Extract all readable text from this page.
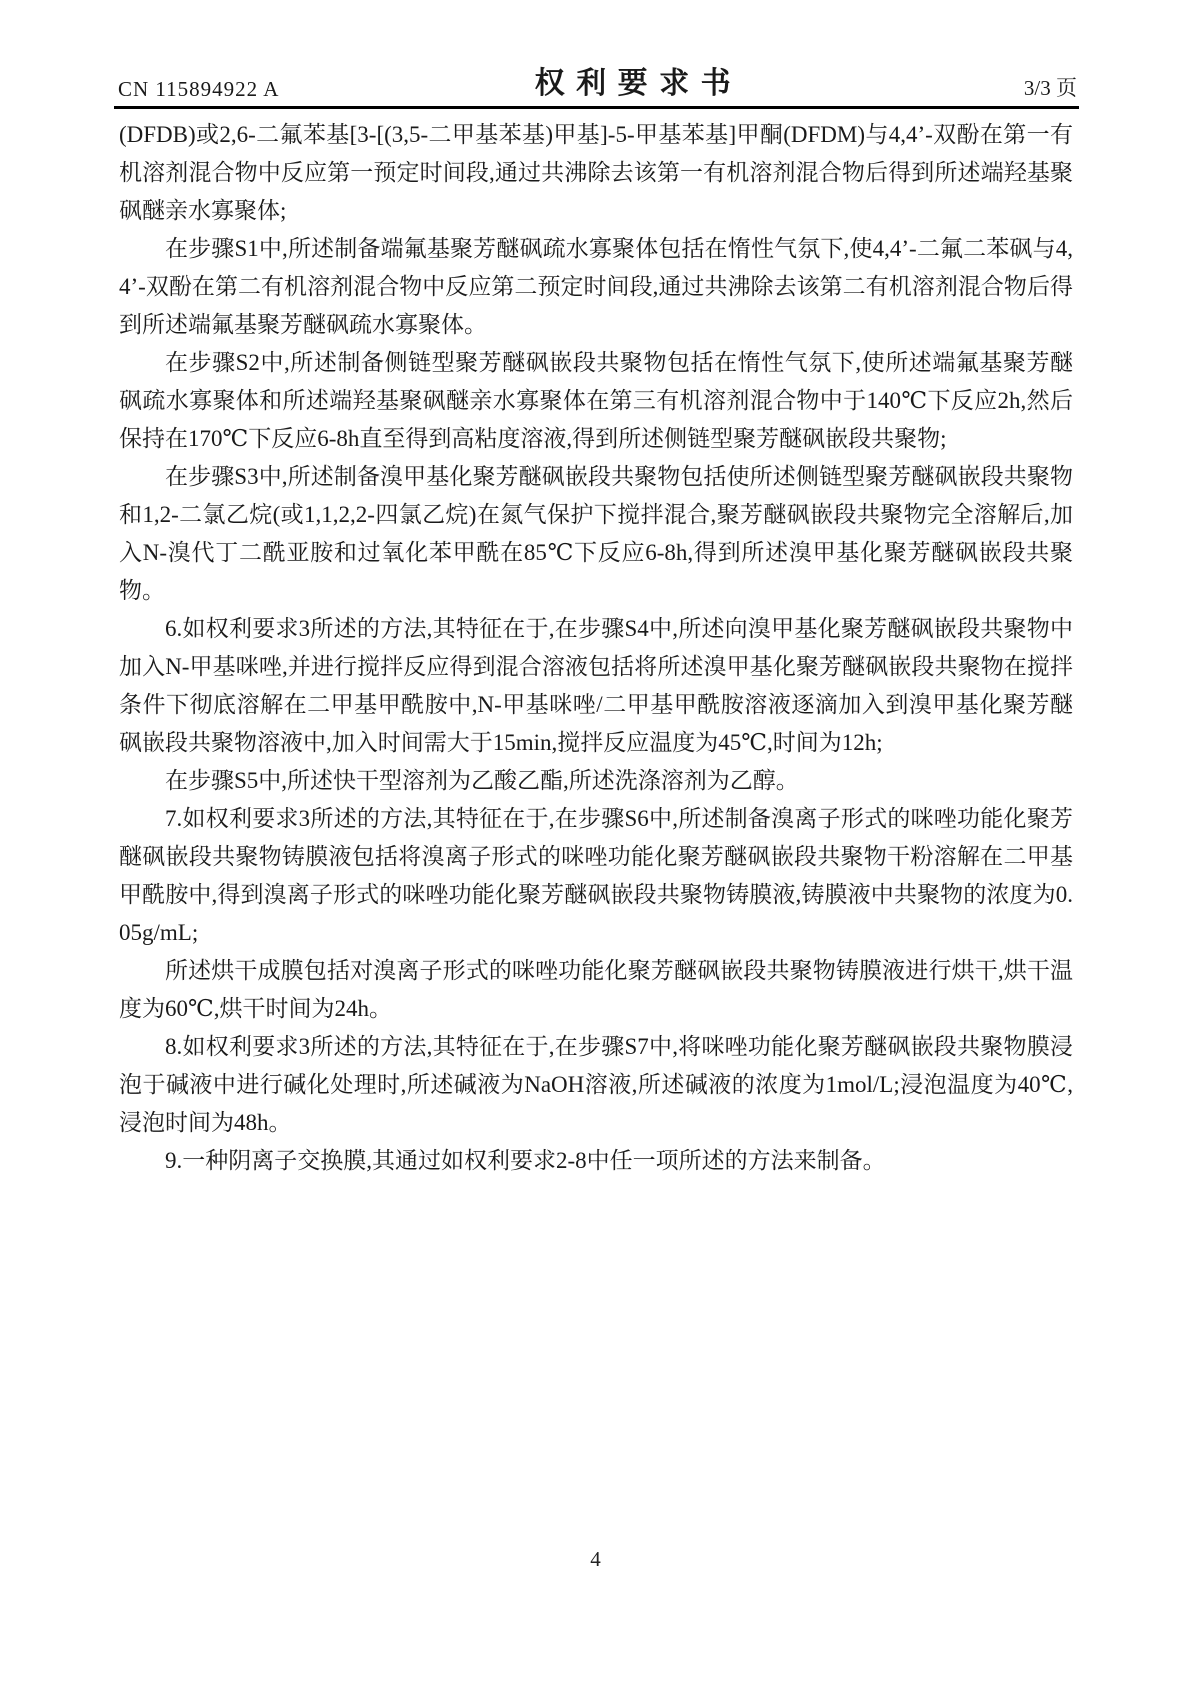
CN 115894922 A	权 利 要 求 书	3/3 页

(DFDB)或2,6-二氟苯基[3-[(3,5-二甲基苯基)甲基]-5-甲基苯基]甲酮(DFDM)与4,4’-双酚在第一有机溶剂混合物中反应第一预定时间段,通过共沸除去该第一有机溶剂混合物后得到所述端羟基聚砜醚亲水寡聚体;

在步骤S1中,所述制备端氟基聚芳醚砜疏水寡聚体包括在惰性气氛下,使4,4’-二氟二苯砜与4,4’-双酚在第二有机溶剂混合物中反应第二预定时间段,通过共沸除去该第二有机溶剂混合物后得到所述端氟基聚芳醚砜疏水寡聚体。

在步骤S2中,所述制备侧链型聚芳醚砜嵌段共聚物包括在惰性气氛下,使所述端氟基聚芳醚砜疏水寡聚体和所述端羟基聚砜醚亲水寡聚体在第三有机溶剂混合物中于140℃下反应2h,然后保持在170℃下反应6-8h直至得到高粘度溶液,得到所述侧链型聚芳醚砜嵌段共聚物;

在步骤S3中,所述制备溴甲基化聚芳醚砜嵌段共聚物包括使所述侧链型聚芳醚砜嵌段共聚物和1,2-二氯乙烷(或1,1,2,2-四氯乙烷)在氮气保护下搅拌混合,聚芳醚砜嵌段共聚物完全溶解后,加入N-溴代丁二酰亚胺和过氧化苯甲酰在85℃下反应6-8h,得到所述溴甲基化聚芳醚砜嵌段共聚物。

6.如权利要求3所述的方法,其特征在于,在步骤S4中,所述向溴甲基化聚芳醚砜嵌段共聚物中加入N-甲基咪唑,并进行搅拌反应得到混合溶液包括将所述溴甲基化聚芳醚砜嵌段共聚物在搅拌条件下彻底溶解在二甲基甲酰胺中,N-甲基咪唑/二甲基甲酰胺溶液逐滴加入到溴甲基化聚芳醚砜嵌段共聚物溶液中,加入时间需大于15min,搅拌反应温度为45℃,时间为12h;

在步骤S5中,所述快干型溶剂为乙酸乙酯,所述洗涤溶剂为乙醇。

7.如权利要求3所述的方法,其特征在于,在步骤S6中,所述制备溴离子形式的咪唑功能化聚芳醚砜嵌段共聚物铸膜液包括将溴离子形式的咪唑功能化聚芳醚砜嵌段共聚物干粉溶解在二甲基甲酰胺中,得到溴离子形式的咪唑功能化聚芳醚砜嵌段共聚物铸膜液,铸膜液中共聚物的浓度为0.05g/mL;

所述烘干成膜包括对溴离子形式的咪唑功能化聚芳醚砜嵌段共聚物铸膜液进行烘干,烘干温度为60℃,烘干时间为24h。

8.如权利要求3所述的方法,其特征在于,在步骤S7中,将咪唑功能化聚芳醚砜嵌段共聚物膜浸泡于碱液中进行碱化处理时,所述碱液为NaOH溶液,所述碱液的浓度为1mol/L;浸泡温度为40℃,浸泡时间为48h。

9.一种阴离子交换膜,其通过如权利要求2-8中任一项所述的方法来制备。

4
